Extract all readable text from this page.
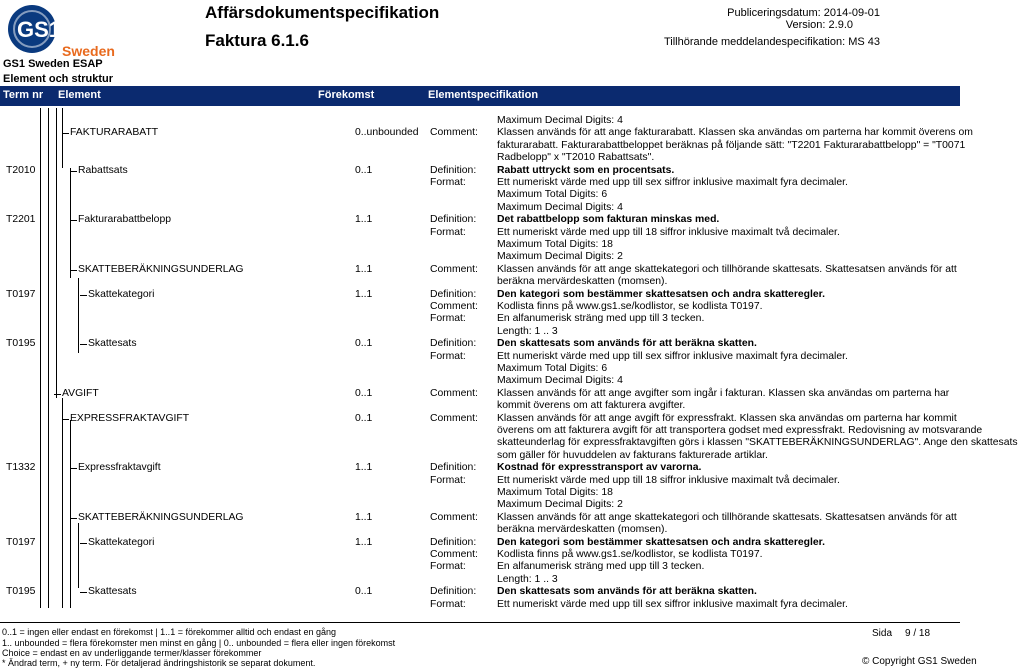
GS1
Sweden
Affärsdokumentspecifikation
Faktura 6.1.6
Publiceringsdatum: 2014-09-01
Version: 2.9.0
Tillhörande meddelandespecifikation: MS 43
GS1 Sweden ESAP
Element och struktur
Term nr Element	Förekomst	Elementspecifikation
Maximum Decimal Digits: 4
FAKTURARABATT	0..unbounded Comment: Klassen används för att ange fakturarabatt. Klassen ska användas om parterna har kommit överens om
fakturarabatt. Fakturarabattbeloppet beräknas på följande sätt: "T2201 Fakturarabattbelopp" = "T0071
Radbelopp" x "T2010 Rabattsats".
T2010	Rabattsats	0..1	Definition: Rabatt uttryckt som en procentsats.
Format:	Ett numeriskt värde med upp till sex siffror inklusive maximalt fyra decimaler.
Maximum Total Digits: 6
Maximum Decimal Digits: 4
T2201	Fakturarabattbelopp	1..1	Definition: Det rabattbelopp som fakturan minskas med.
Format:	Ett numeriskt värde med upp till 18 siffror inklusive maximalt två decimaler.
Maximum Total Digits: 18
Maximum Decimal Digits: 2
SKATTEBERÄKNINGSUNDERLAG	1..1	Comment: Klassen används för att ange skattekategori och tillhörande skattesats. Skattesatsen används för att
beräkna mervärdeskatten (momsen).
T0197	Skattekategori	1..1	Definition: Den kategori som bestämmer skattesatsen och andra skatteregler.
Comment: Kodlista finns på www.gs1.se/kodlistor, se kodlista T0197.
Format:	En alfanumerisk sträng med upp till 3 tecken.
Length: 1 .. 3
T0195	Skattesats	0..1	Definition: Den skattesats som används för att beräkna skatten.
Format:	Ett numeriskt värde med upp till sex siffror inklusive maximalt fyra decimaler.
Maximum Total Digits: 6
Maximum Decimal Digits: 4
AVGIFT	0..1	Comment: Klassen används för att ange avgifter som ingår i fakturan. Klassen ska användas om parterna har
kommit överens om att fakturera avgifter.
EXPRESSFRAKTAVGIFT	0..1	Comment: Klassen används för att ange avgift för expressfrakt. Klassen ska användas om parterna har kommit
överens om att fakturera avgift för att transportera godset med expressfrakt. Redovisning av motsvarande
skatteunderlag för expressfraktavgiften görs i klassen "SKATTEBERÄKNINGSUNDERLAG". Ange den skattesats
som gäller för huvuddelen av fakturans fakturerade artiklar.
T1332	Expressfraktavgift	1..1	Definition: Kostnad för expresstransport av varorna.
Format:	Ett numeriskt värde med upp till 18 siffror inklusive maximalt två decimaler.
Maximum Total Digits: 18
Maximum Decimal Digits: 2
SKATTEBERÄKNINGSUNDERLAG	1..1	Comment: Klassen används för att ange skattekategori och tillhörande skattesats. Skattesatsen används för att
beräkna mervärdeskatten (momsen).
T0197	Skattekategori	1..1	Definition: Den kategori som bestämmer skattesatsen och andra skatteregler.
Comment: Kodlista finns på www.gs1.se/kodlistor, se kodlista T0197.
Format:	En alfanumerisk sträng med upp till 3 tecken.
Length: 1 .. 3
T0195	Skattesats	0..1	Definition: Den skattesats som används för att beräkna skatten.
Format:	Ett numeriskt värde med upp till sex siffror inklusive maximalt fyra decimaler.
0..1 = ingen eller endast en förekomst | 1..1 = förekommer alltid och endast en gång
1.. unbounded = flera förekomster men minst en gång | 0.. unbounded = flera eller ingen förekomst
Choice = endast en av underliggande termer/klasser förekommer
* Ändrad term, + ny term. För detaljerad ändringshistorik se separat dokument.
Sida 9 / 18
© Copyright GS1 Sweden
